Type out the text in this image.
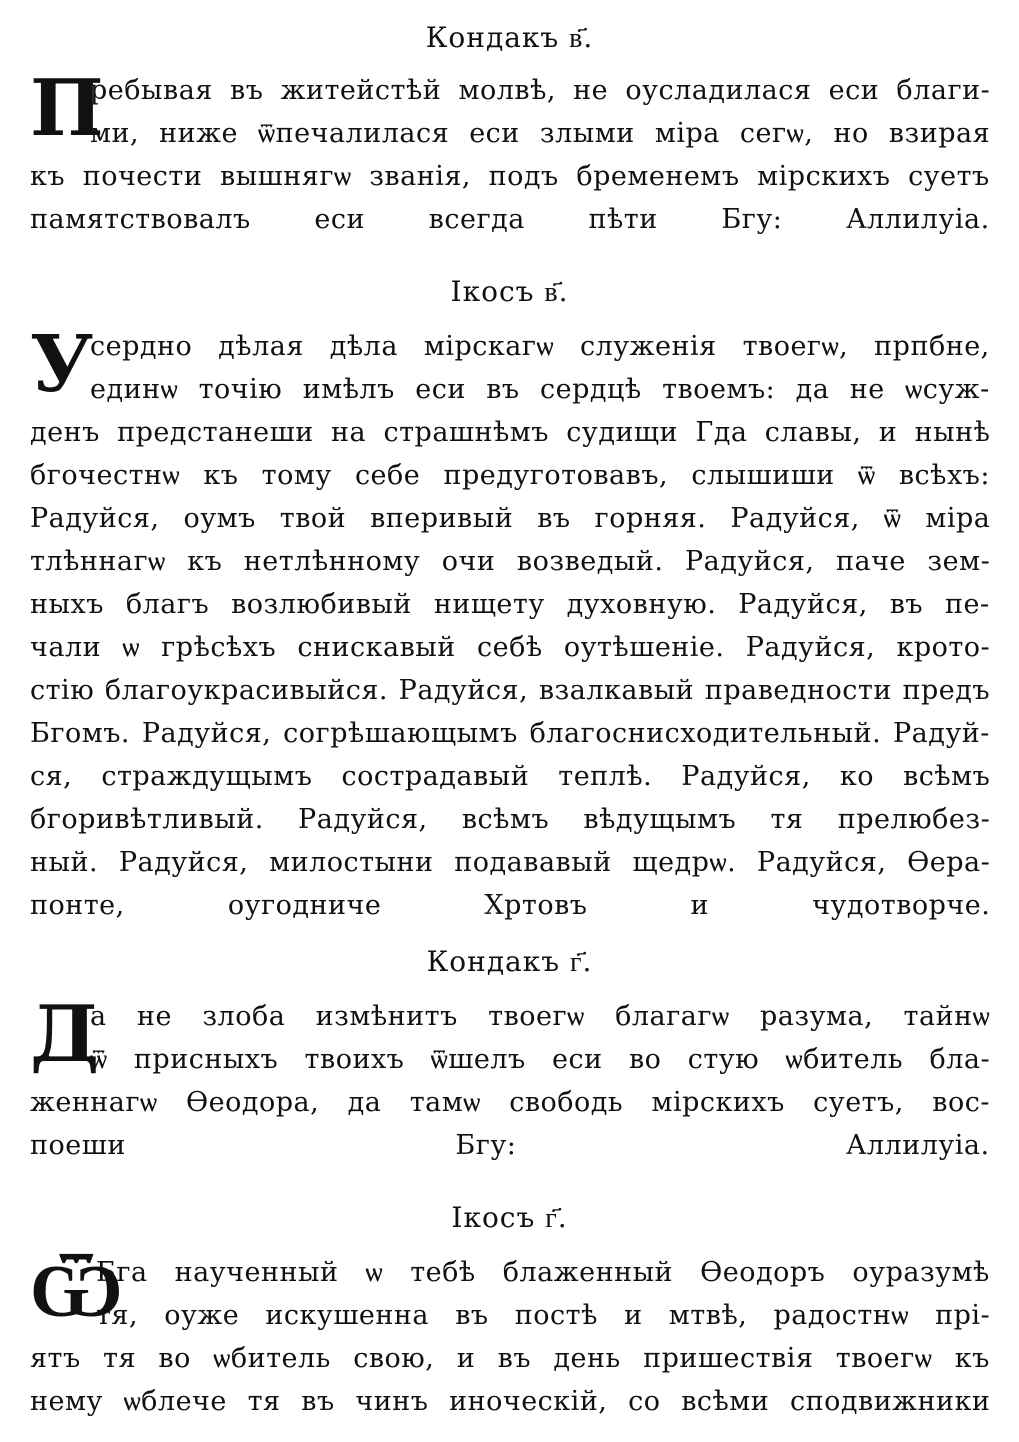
Кондакъ в҃.
П
ребывая въ житейстѣй молвѣ, не оусладилася еси благи-
ми, ниже ѿпечалилася еси злыми міра сегѡ, но взирая
къ почести вышнягѡ званія, подъ бременемъ мірскихъ суетъ
памятствовалъ еси всегда пѣти Бгу: Аллилуіа.
Ікосъ в҃.
У
сердно дѣлая дѣла мірскагѡ служенія твоегѡ, прпбне,
единѡ точію имѣлъ еси въ сердцѣ твоемъ: да не ѡсуж-
денъ предстанеши на страшнѣмъ судищи Гда славы, и нынѣ
бгочестнѡ къ тому себе предуготовавъ, слышиши ѿ всѣхъ:
Радуйся, оумъ твой вперивый въ горняя. Радуйся, ѿ міра
тлѣннагѡ къ нетлѣнному очи возведый. Радуйся, паче зем-
ныхъ благъ возлюбивый нищету духовную. Радуйся, въ пе-
чали ѡ грѣсѣхъ снискавый себѣ оутѣшеніе. Радуйся, крото-
стію благоукрасивыйся. Радуйся, взалкавый праведности предъ
Бгомъ. Радуйся, согрѣшающымъ благоснисходительный. Радуй-
ся, страждущымъ сострадавый теплѣ. Радуйся, ко всѣмъ
бгоривѣтливый. Радуйся, всѣмъ вѣдущымъ тя прелюбез-
ный. Радуйся, милостыни подававый щедрѡ. Радуйся, Ѳера-
понте, оугодниче Хртовъ и чудотворче.
Кондакъ г҃.
Д
а не злоба измѣнитъ твоегѡ благагѡ разума, тайнѡ
ѿ присныхъ твоихъ ѿшелъ еси во стую ѡбитель бла-
женнагѡ Ѳеодора, да тамѡ свободь мірскихъ суетъ, вос-
поеши Бгу: Аллилуіа.
Ікосъ г҃.
Ѿ
Бга наученный ѡ тебѣ блаженный Ѳеодоръ оуразумѣ
тя, оуже искушенна въ постѣ и мтвѣ, радостнѡ прі-
ятъ тя во ѡбитель свою, и въ день пришествія твоегѡ къ
нему ѡблече тя въ чинъ иноческій, со всѣми сподвижники
